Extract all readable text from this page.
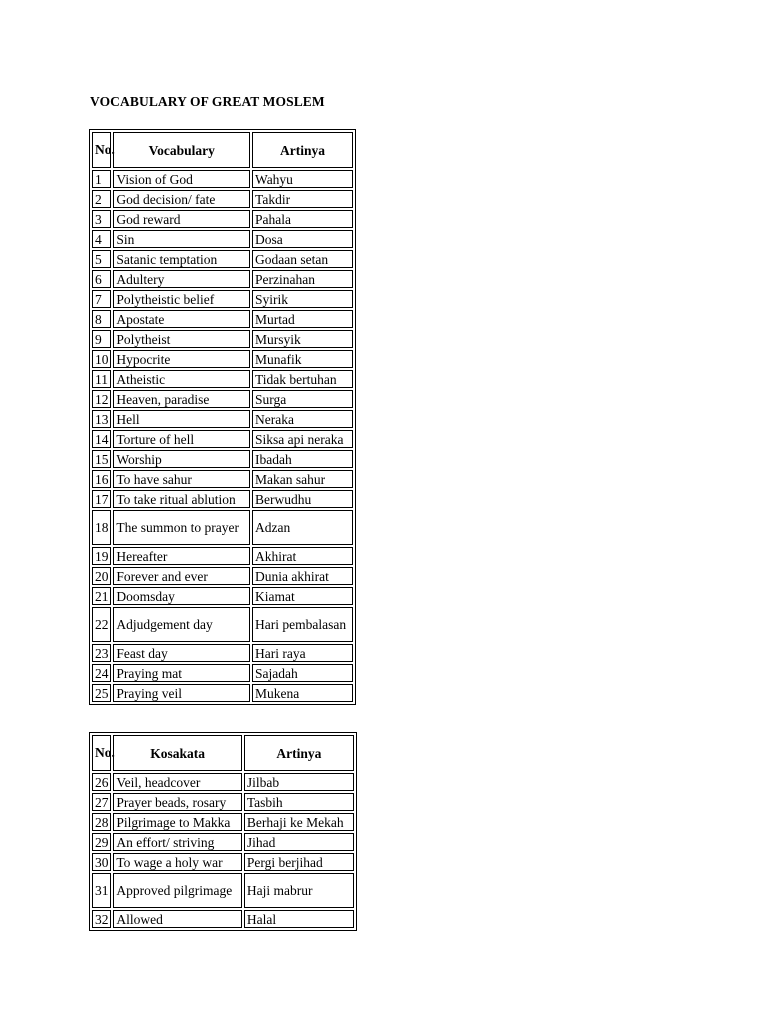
VOCABULARY OF GREAT MOSLEM
No.	Vocabulary	Artinya
1	Vision of God	Wahyu
2	God decision/ fate	Takdir
3	God reward	Pahala
4	Sin	Dosa
5	Satanic temptation	Godaan setan
6	Adultery	Perzinahan
7	Polytheistic belief	Syirik
8	Apostate	Murtad
9	Polytheist	Mursyik
10	Hypocrite	Munafik
11	Atheistic	Tidak bertuhan
12	Heaven, paradise	Surga
13	Hell	Neraka
14	Torture of hell	Siksa api neraka
15	Worship	Ibadah
16	To have sahur	Makan sahur
17	To take ritual ablution	Berwudhu
18	The summon to prayer	Adzan
19	Hereafter	Akhirat
20	Forever and ever	Dunia akhirat
21	Doomsday	Kiamat
22	Adjudgement day	Hari pembalasan
23	Feast day	Hari raya
24	Praying mat	Sajadah
25	Praying veil	Mukena
No.	Kosakata	Artinya
26	Veil, headcover	Jilbab
27	Prayer beads, rosary	Tasbih
28	Pilgrimage to Makka	Berhaji ke Mekah
29	An effort/ striving	Jihad
30	To wage a holy war	Pergi berjihad
31	Approved pilgrimage	Haji mabrur
32	Allowed	Halal
